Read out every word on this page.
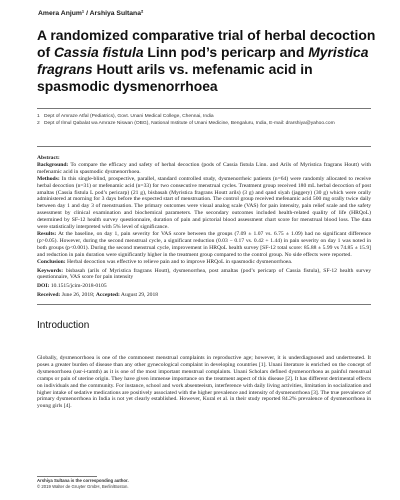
Amera Anjum¹ / Arshiya Sultana²
A randomized comparative trial of herbal decoction of Cassia fistula Linn pod’s pericarp and Myristica fragrans Houtt arils vs. mefenamic acid in spasmodic dysmenorrhoea
1 Dept of Amraze Atfal (Pediatrics), Govt. Unani Medical College, Chennai, India
2 Dept of Ilmul Qabalat wa Amraze Niswan (OBG), National Institute of Unani Medicine, Bengaluru, India, E-mail: drarshiya@yahoo.com

Abstract:

Background: To compare the efficacy and safety of herbal decoction (pods of Cassia fistula Linn. and Arils of Myristica fragrans Houtt) with mefenamic acid in spasmodic dysmenorrhoea.

Methods: In this single-blind, prospective, parallel, standard controlled study, dysmenorrheic patients (n=64) were randomly allocated to receive herbal decoction (n=31) or mefenamic acid (n=33) for two consecutive menstrual cycles. Treatment group received 180 mL herbal decoction of post amaltas (Cassia fistula L pod’s pericarp) (21 g), bisbasah (Myristica fragrans Houtt arils) (3 g) and qand siyah (jaggery) (30 g) which were orally administered at morning for 3 days before the expected start of menstruation. The control group received mefenamic acid 500 mg orally twice daily between day 1 and day 3 of menstruation. The primary outcomes were visual analog scale (VAS) for pain intensity, pain relief scale and the safety assessment by clinical examination and biochemical parameters. The secondary outcomes included health-related quality of life (HRQoL) determined by SF-12 health survey questionnaire, duration of pain and pictorial blood assessment chart score for menstrual blood loss. The data were statistically interpreted with 5% level of significance.

Results: At the baseline, on day 1, pain severity for VAS score between the groups (7.09 ± 1.07 vs. 6.75 ± 1.09) had no significant difference (p>0.05). However, during the second menstrual cycle, a significant reduction (0.03 − 0.17 vs. 0.42 + 1.44) in pain severity on day 1 was noted in both groups (p<0.001). During the second menstrual cycle, improvement in HRQoL health survey [SF-12 total score: 85.88 ± 5.99 vs 74.85 ± 15.9] and reduction in pain duration were significantly higher in the treatment group compared to the control group. No side effects were reported.

Conclusion: Herbal decoction was effective to relieve pain and to improve HRQoL in spasmodic dysmenorrhoea.

Keywords: bisbasah (arils of Myristica fragrans Houtt), dysmenorrhea, post amaltas (pod’s pericarp of Cassia fistula), SF-12 health survey questionnaire, VAS score for pain intensity

DOI: 10.1515/jcim-2018-0105

Received: June 26, 2018; Accepted: August 29, 2018

Introduction

Globally, dysmenorrhoea is one of the commonest menstrual complaints in reproductive age; however, it is underdiagnosed and undertreated. It poses a greater burden of disease than any other gynecological complaint in developing countries [1]. Unani literature is enriched on the concept of dysmenorrhoea (usr-i-tamth) as it is one of the most important menstrual complaints. Unani Scholars defined dysmenorrhoea as painful menstrual cramps or pain of uterine origin. They have given immense importance on the treatment aspect of this disease [2]. It has different detrimental effects on individuals and the community. For instance, school and work absenteeism, interference with daily living activities, limitation in socialization and higher intake of sedative medications are positively associated with the higher prevalence and intensity of dysmenorrhoea [3]. The true prevalence of primary dysmenorrhoea in India is not yet clearly established. However, Kural et al. in their study reported 84.2% prevalence of dysmenorrhoea in young girls [4].

Arshiya Sultana is the corresponding author.
© 2019 Walter de Gruyter GmbH, Berlin/Boston.
